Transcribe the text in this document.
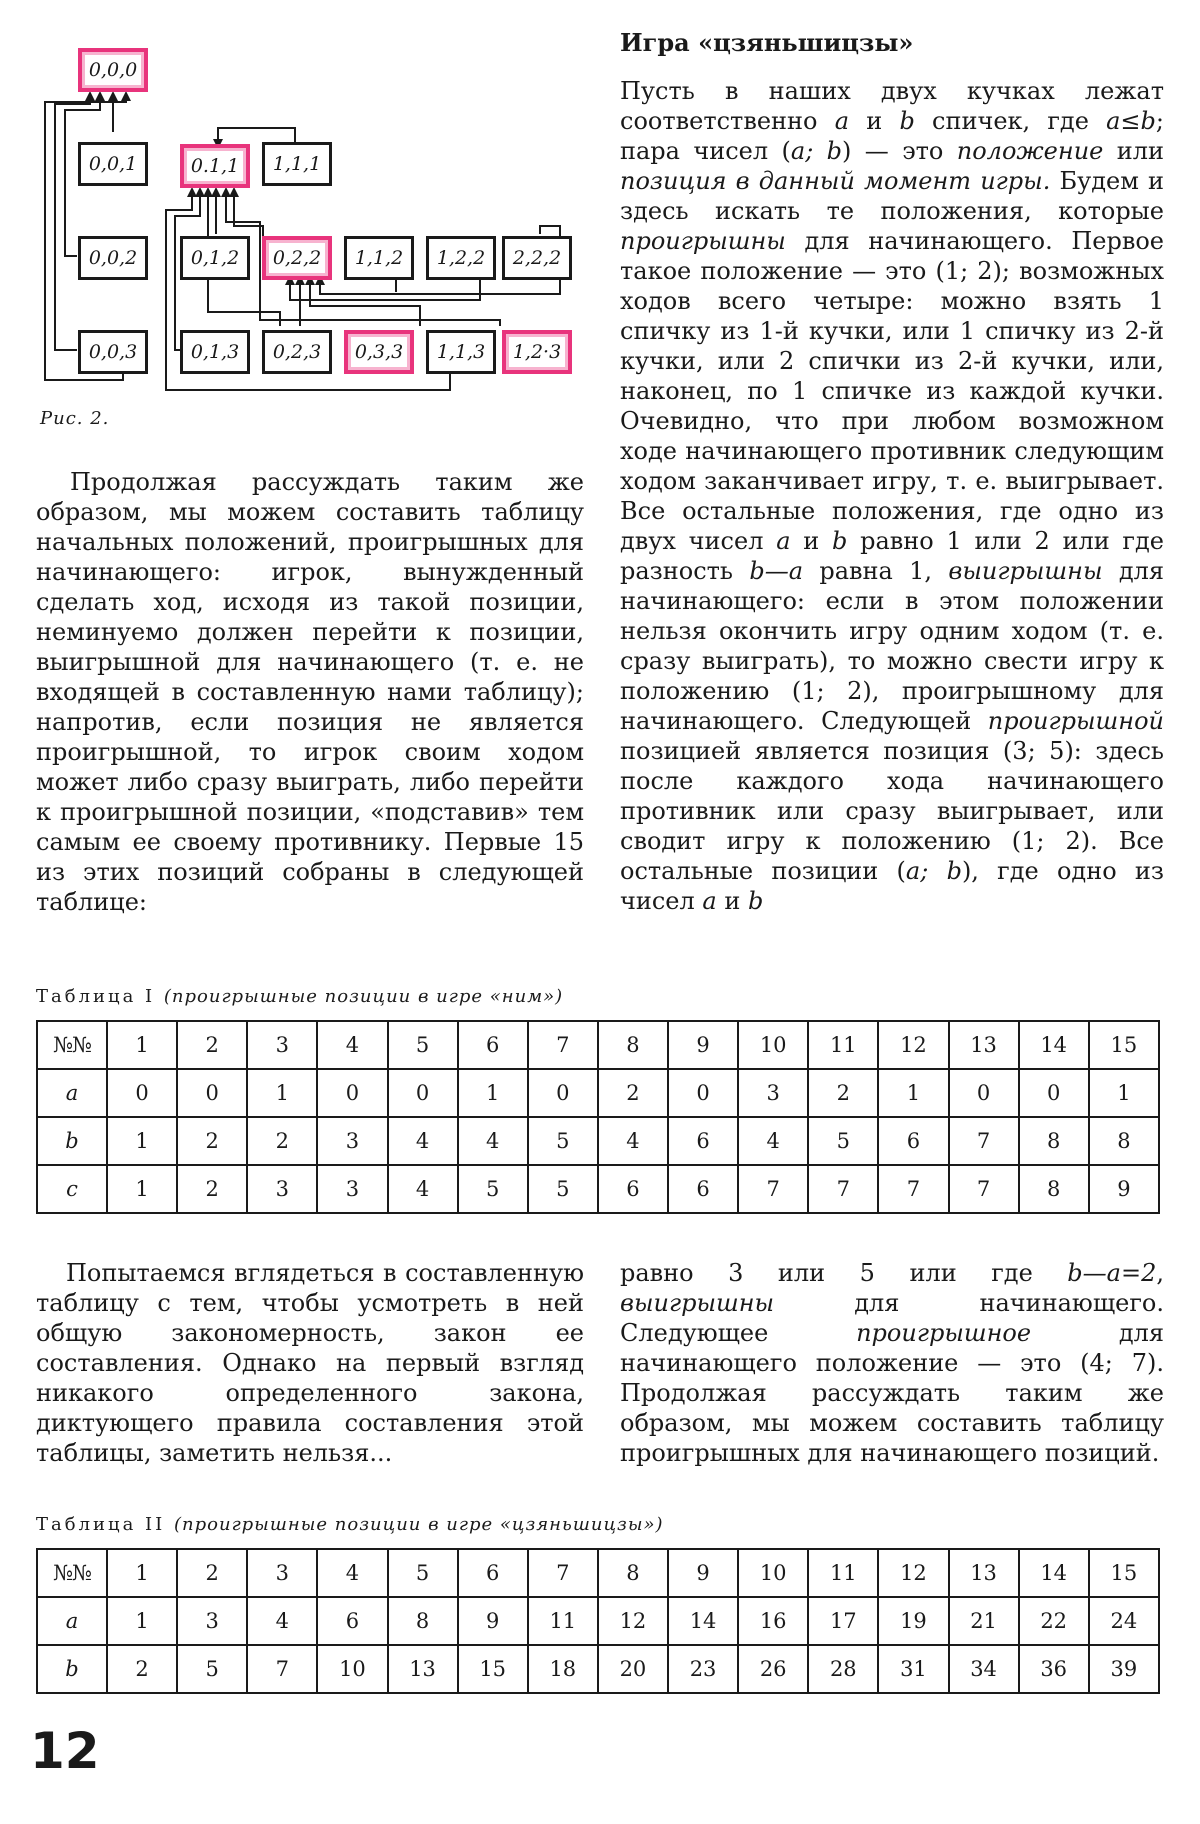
0,0,0
0,0,1
0,0,2
0,0,3
0.1,1	1,1,1
0,1,2	0,2,2	1,1,2	1,2,2	2,2,2
0,1,3	0,2,3	0,3,3	1,1,3	1,2·3
Рис. 2.

Продолжая рассуждать таким же образом, мы можем составить таблицу начальных положений, проигрышных для начинающего: игрок, вынужденный сделать ход, исходя из такой позиции, неминуемо должен перейти к позиции, выигрышной для начинающего (т. е. не входящей в составленную нами таблицу); напротив, если позиция не является проигрышной, то игрок своим ходом может либо сразу выиграть, либо перейти к проигрышной позиции, «подставив» тем самым ее своему противнику. Первые 15 из этих позиций собраны в следующей таблице:

Игра «цзяньшицзы»

Пусть в наших двух кучках лежат соответственно a и b спичек, где a≤b; пара чисел (a; b) — это положение или позиция в данный момент игры. Будем и здесь искать те положения, которые проигрышны для начинающего. Первое такое положение — это (1; 2); возможных ходов всего четыре: можно взять 1 спичку из 1-й кучки, или 1 спичку из 2-й кучки, или 2 спички из 2-й кучки, или, наконец, по 1 спичке из каждой кучки. Очевидно, что при любом возможном ходе начинающего противник следующим ходом заканчивает игру, т. е. выигрывает. Все остальные положения, где одно из двух чисел a и b равно 1 или 2 или где разность b—a равна 1, выигрышны для начинающего: если в этом положении нельзя окончить игру одним ходом (т. е. сразу выиграть), то можно свести игру к положению (1; 2), проигрышному для начинающего. Следующей проигрышной позицией является позиция (3; 5): здесь после каждого хода начинающего противник или сразу выигрывает, или сводит игру к положению (1; 2). Все остальные позиции (a; b), где одно из чисел a и b

Таблица I (проигрышные позиции в игре «ним»)
№№	1	2	3	4	5	6	7	8	9	10	11	12	13	14	15
a	0	0	1	0	0	1	0	2	0	3	2	1	0	0	1
b	1	2	2	3	4	4	5	4	6	4	5	6	7	8	8
c	1	2	3	3	4	5	5	6	6	7	7	7	7	8	9

Попытаемся вглядеться в составленную таблицу с тем, чтобы усмотреть в ней общую закономерность, закон ее составления. Однако на первый взгляд никакого определенного закона, диктующего правила составления этой таблицы, заметить нельзя...

равно 3 или 5 или где b—a=2, выигрышны для начинающего. Следующее проигрышное для начинающего положение — это (4; 7). Продолжая рассуждать таким же образом, мы можем составить таблицу проигрышных для начинающего позиций.

Таблица II (проигрышные позиции в игре «цзяньшицзы»)
№№	1	2	3	4	5	6	7	8	9	10	11	12	13	14	15
a	1	3	4	6	8	9	11	12	14	16	17	19	21	22	24
b	2	5	7	10	13	15	18	20	23	26	28	31	34	36	39
12
